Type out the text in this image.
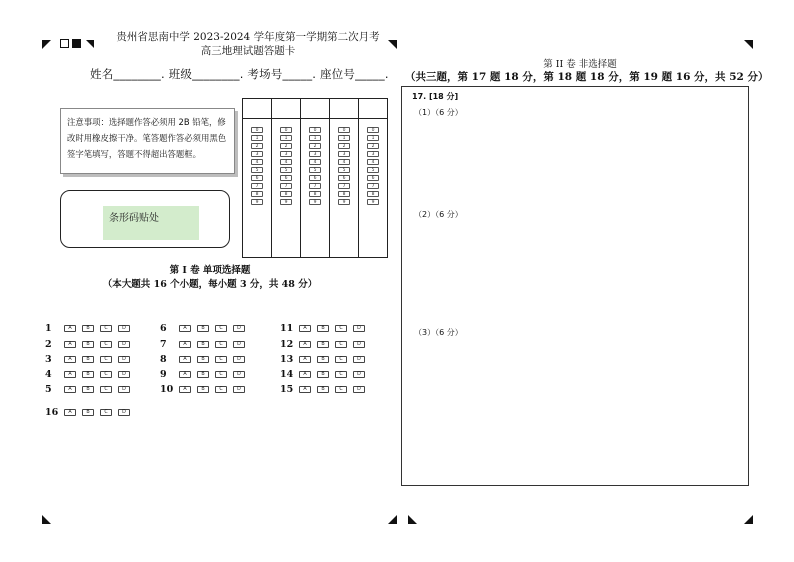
贵州省思南中学 2023-2024 学年度第一学期第二次月考
高三地理试题答题卡
姓名________. 班级________. 考场号_____. 座位号_____.
注意事项：选择题作答必须用 2B 铅笔，修改时用橡皮擦干净。笔答题作答必须用黑色签字笔填写，答题不得超出答题框。
条形码贴处
0
1
2
3
4
5
6
7
8
9
0
1
2
3
4
5
6
7
8
9
0
1
2
3
4
5
6
7
8
9
0
1
2
3
4
5
6
7
8
9
0
1
2
3
4
5
6
7
8
9
第 I 卷 单项选择题
（本大题共 16 个小题，每小题 3 分，共 48 分）
1	A	B	C	D
2	A	B	C	D
3	A	B	C	D
4	A	B	C	D
5	A	B	C	D
6	A	B	C	D
7	A	B	C	D
8	A	B	C	D
9	A	B	C	D
10	A	B	C	D
11	A	B	C	D
12	A	B	C	D
13	A	B	C	D
14	A	B	C	D
15	A	B	C	D
16	A	B	C	D
第 II 卷 非选择题
（共三题，第 17 题 18 分，第 18 题 18 分，第 19 题 16 分，共 52 分）
17. [18 分]
（1）（6 分）
（2）（6 分）
（3）（6 分）
